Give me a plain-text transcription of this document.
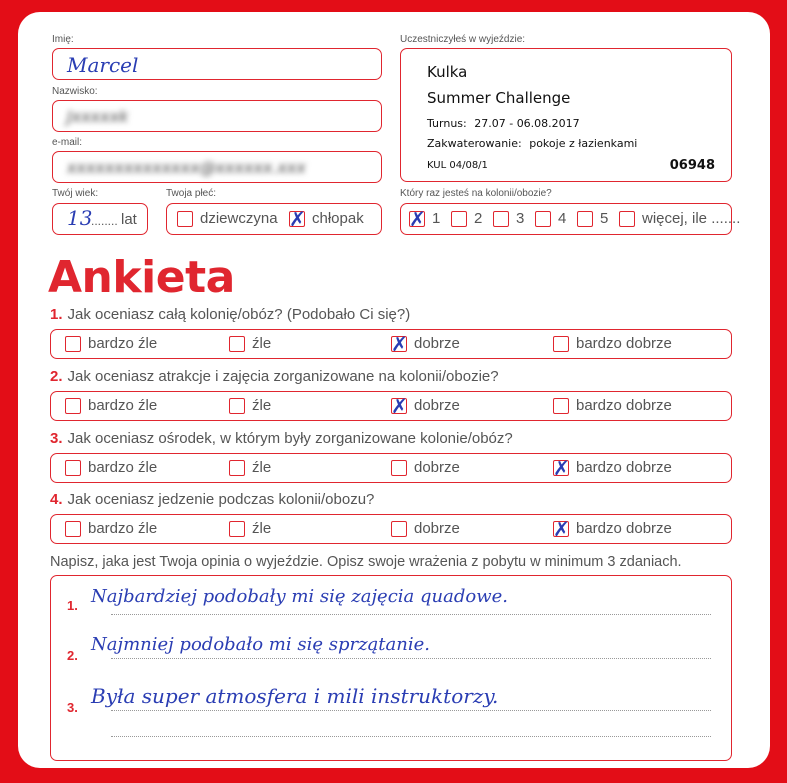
Imię:
Marcel
Nazwisko:
Jxxxxxk
e-mail:
xxxxxxxxxxxxxx@xxxxxx.xxx
Twój wiek:
13
........ lat
Twoja płeć:
dziewczyna ✗ chłopak
Uczestniczyłeś w wyjeździe:
Kulka
Summer Challenge
Turnus: 27.07 - 06.08.2017
Zakwaterowanie: pokoje z łazienkami
KUL 04/08/1	06948
Który raz jesteś na kolonii/obozie?
✗
1 2 3 4 5 więcej, ile .......
Ankieta
1. Jak oceniasz całą kolonię/obóz? (Podobało Ci się?)
bardzo źle	źle ✗	dobrze	bardzo dobrze
2. Jak oceniasz atrakcje i zajęcia zorganizowane na kolonii/obozie?
bardzo źle	źle ✗	dobrze	bardzo dobrze
3. Jak oceniasz ośrodek, w którym były zorganizowane kolonie/obóz?
bardzo źle	źle	dobrze ✗	bardzo dobrze
4. Jak oceniasz jedzenie podczas kolonii/obozu?
bardzo źle	źle	dobrze ✗	bardzo dobrze
Napisz, jaka jest Twoja opinia o wyjeździe. Opisz swoje wrażenia z pobytu w minimum 3 zdaniach.
1. Najbardziej podobały mi się zajęcia quadowe.
2.
Najmniej podobało mi się sprzątanie.
3. Była super atmosfera i mili instruktorzy.
